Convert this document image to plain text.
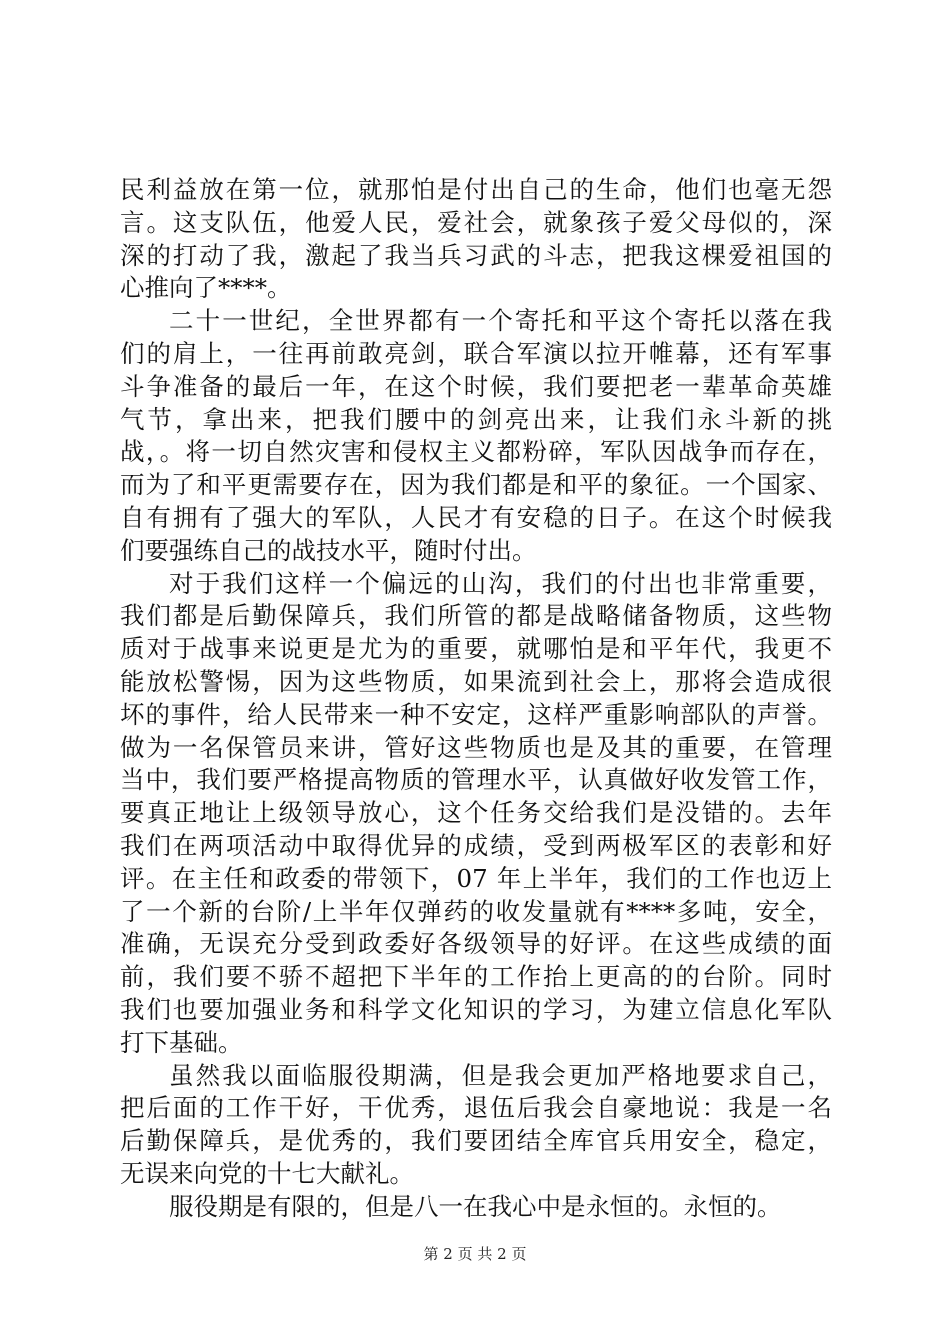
民利益放在第一位，就那怕是付出自己的生命，他们也毫无怨
言。这支队伍，他爱人民，爱社会，就象孩子爱父母似的，深
深的打动了我，激起了我当兵习武的斗志，把我这棵爱祖国的
心推向了****。
二十一世纪，全世界都有一个寄托和平这个寄托以落在我
们的肩上，一往再前敢亮剑，联合军演以拉开帷幕，还有军事
斗争准备的最后一年，在这个时候，我们要把老一辈革命英雄
气节，拿出来，把我们腰中的剑亮出来，让我们永斗新的挑
战，。将一切自然灾害和侵权主义都粉碎，军队因战争而存在，
而为了和平更需要存在，因为我们都是和平的象征。一个国家、
自有拥有了强大的军队，人民才有安稳的日子。在这个时候我
们要强练自己的战技水平，随时付出。
对于我们这样一个偏远的山沟，我们的付出也非常重要，
我们都是后勤保障兵，我们所管的都是战略储备物质，这些物
质对于战事来说更是尤为的重要，就哪怕是和平年代，我更不
能放松警惕，因为这些物质，如果流到社会上，那将会造成很
坏的事件，给人民带来一种不安定，这样严重影响部队的声誉。
做为一名保管员来讲，管好这些物质也是及其的重要，在管理
当中，我们要严格提高物质的管理水平，认真做好收发管工作，
要真正地让上级领导放心，这个任务交给我们是没错的。去年
我们在两项活动中取得优异的成绩，受到两极军区的表彰和好
评。在主任和政委的带领下，07 年上半年，我们的工作也迈上
了一个新的台阶/上半年仅弹药的收发量就有****多吨，安全，
准确，无误充分受到政委好各级领导的好评。在这些成绩的面
前，我们要不骄不超把下半年的工作抬上更高的的台阶。同时
我们也要加强业务和科学文化知识的学习，为建立信息化军队
打下基础。
虽然我以面临服役期满，但是我会更加严格地要求自己，
把后面的工作干好，干优秀，退伍后我会自豪地说：我是一名
后勤保障兵，是优秀的，我们要团结全库官兵用安全，稳定，
无误来向党的十七大献礼。
服役期是有限的，但是八一在我心中是永恒的。永恒的。
第 2 页 共 2 页
